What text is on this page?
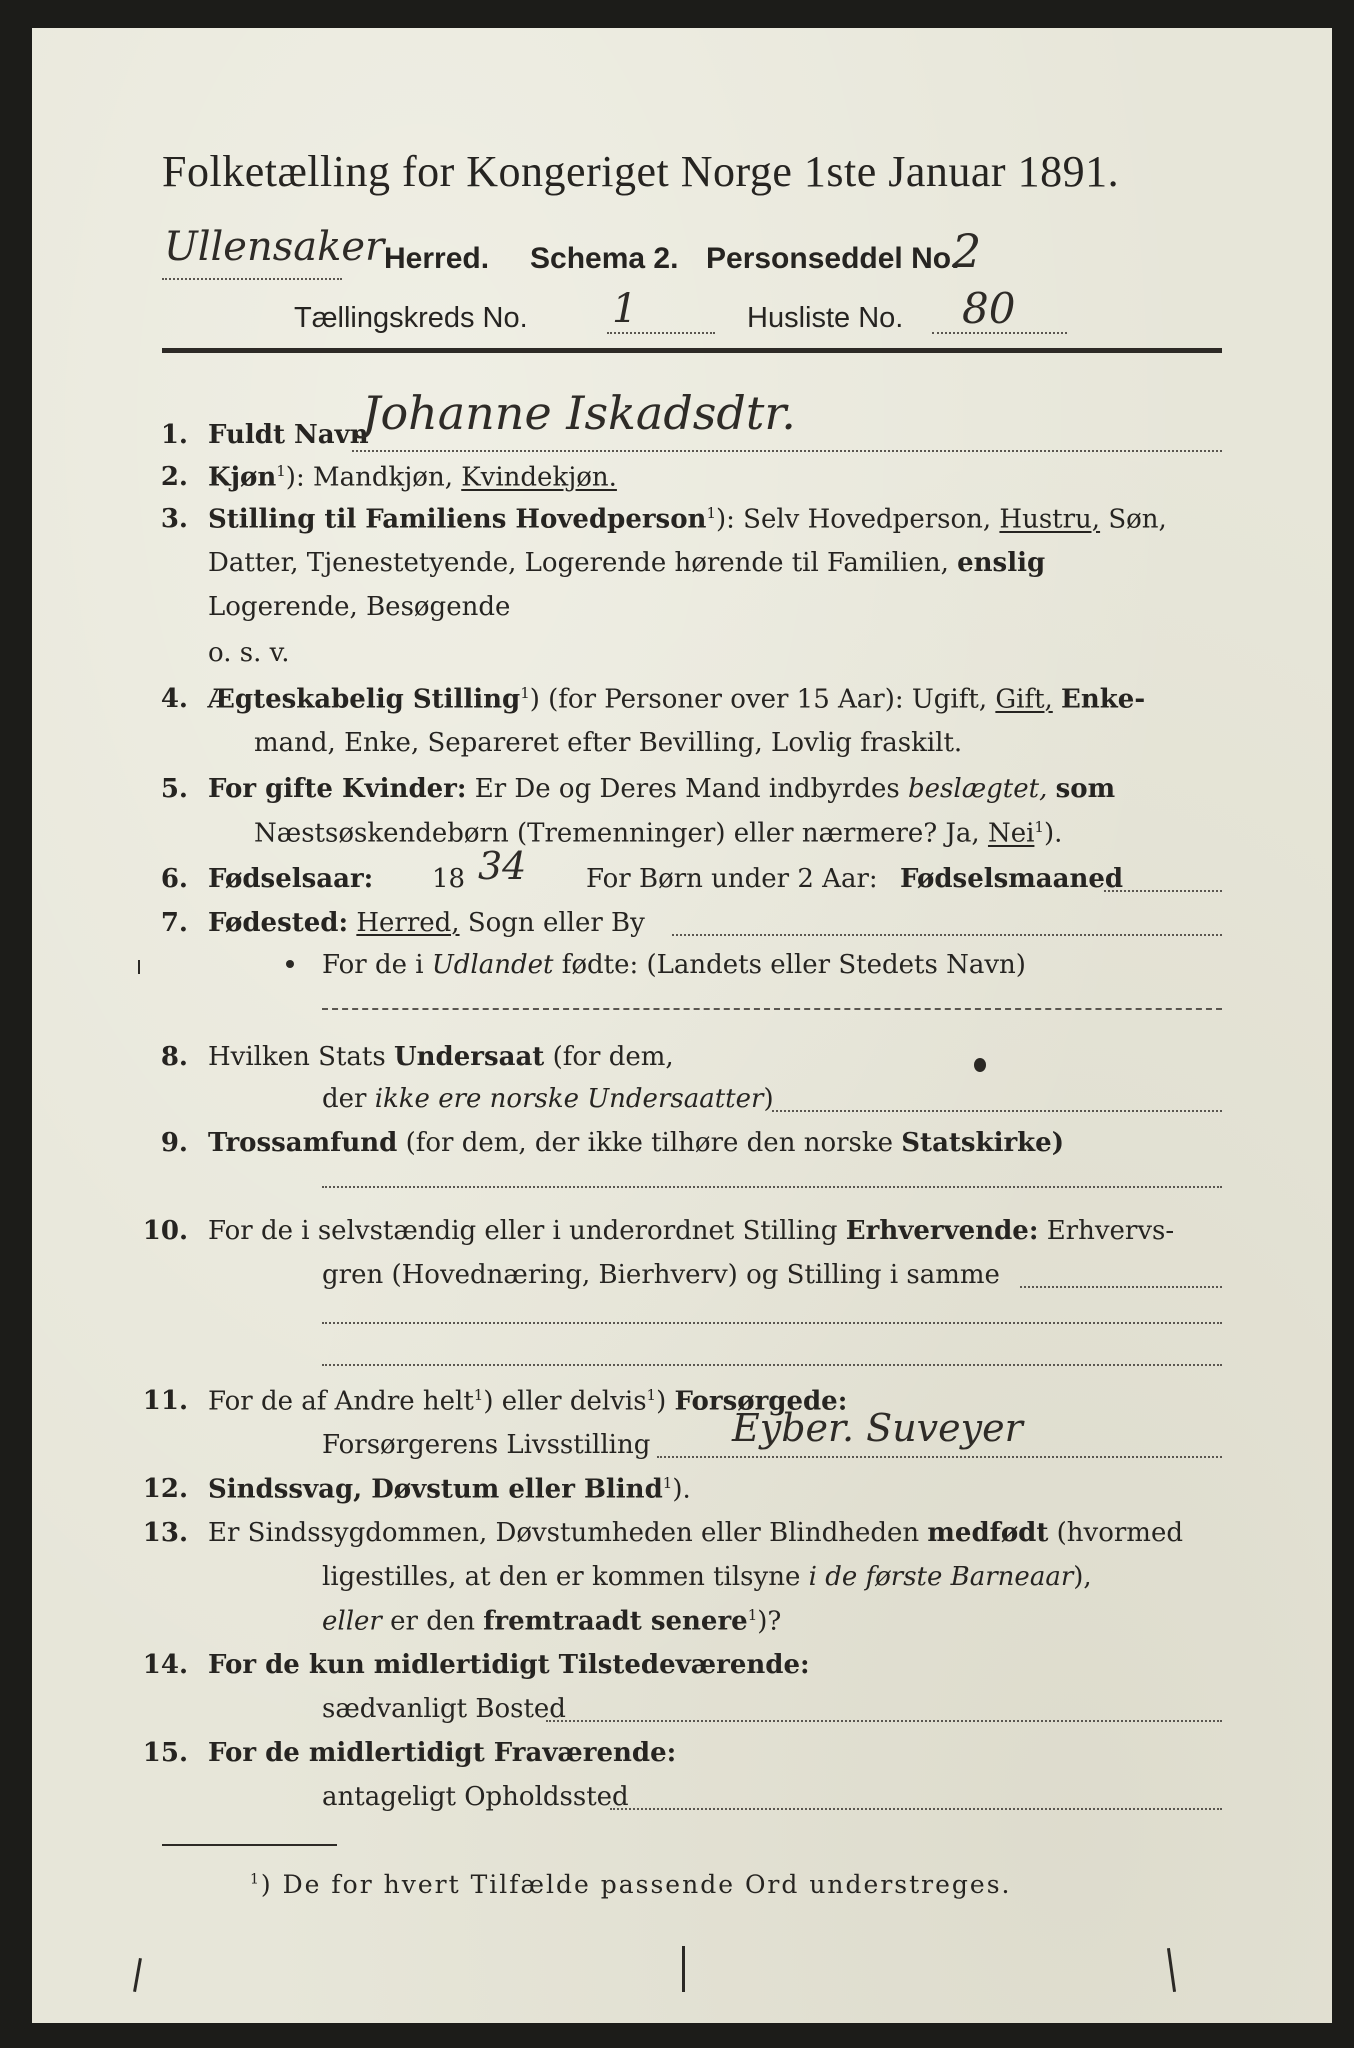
Folketælling for Kongeriget Norge 1ste Januar 1891.
Ullensaker Herred. Schema 2. Personseddel No.
2
Tællingskreds No. 1	Husliste No. 80
1. Fuldt Navn
Johanne Iskadsdtr.
2. Kjøn$^1$): Mandkjøn, Kvindekjøn.
3. Stilling til Familiens Hovedperson$^1$): Selv Hovedperson, Hustru, Søn,
Datter, Tjenestetyende, Logerende hørende til Familien, enslig
Logerende, Besøgende
o. s. v.
4. Ægteskabelig Stilling$^1$) (for Personer over 15 Aar): Ugift, Gift, Enke-
mand, Enke, Separeret efter Bevilling, Lovlig fraskilt.
5. For gifte Kvinder: Er De og Deres Mand indbyrdes beslægtet, som
Næstsøskendebørn (Tremenninger) eller nærmere? Ja, Nei$^1$).
6. Fødselsaar: 18 34 For Børn under 2 Aar: Fødselsmaaned
7. Fødested: Herred, Sogn eller By
For de i Udlandet fødte: (Landets eller Stedets Navn)
8. Hvilken Stats Undersaat (for dem,
der ikke ere norske Undersaatter)
9. Trossamfund (for dem, der ikke tilhøre den norske Statskirke)
10. For de i selvstændig eller i underordnet Stilling Erhvervende: Erhvervs-
gren (Hovednæring, Bierhverv) og Stilling i samme
11. For de af Andre helt$^1$) eller delvis$^1$) Forsørgede:
Forsørgerens Livsstilling Eyber. Suveyer
12. Sindssvag, Døvstum eller Blind$^1$).
13. Er Sindssygdommen, Døvstumheden eller Blindheden medfødt (hvormed
ligestilles, at den er kommen tilsyne i de første Barneaar),
eller er den fremtraadt senere$^1$)?
14. For de kun midlertidigt Tilstedeværende:
sædvanligt Bosted
15. For de midlertidigt Fraværende:
antageligt Opholdssted
$^1$) De for hvert Tilfælde passende Ord understreges.
